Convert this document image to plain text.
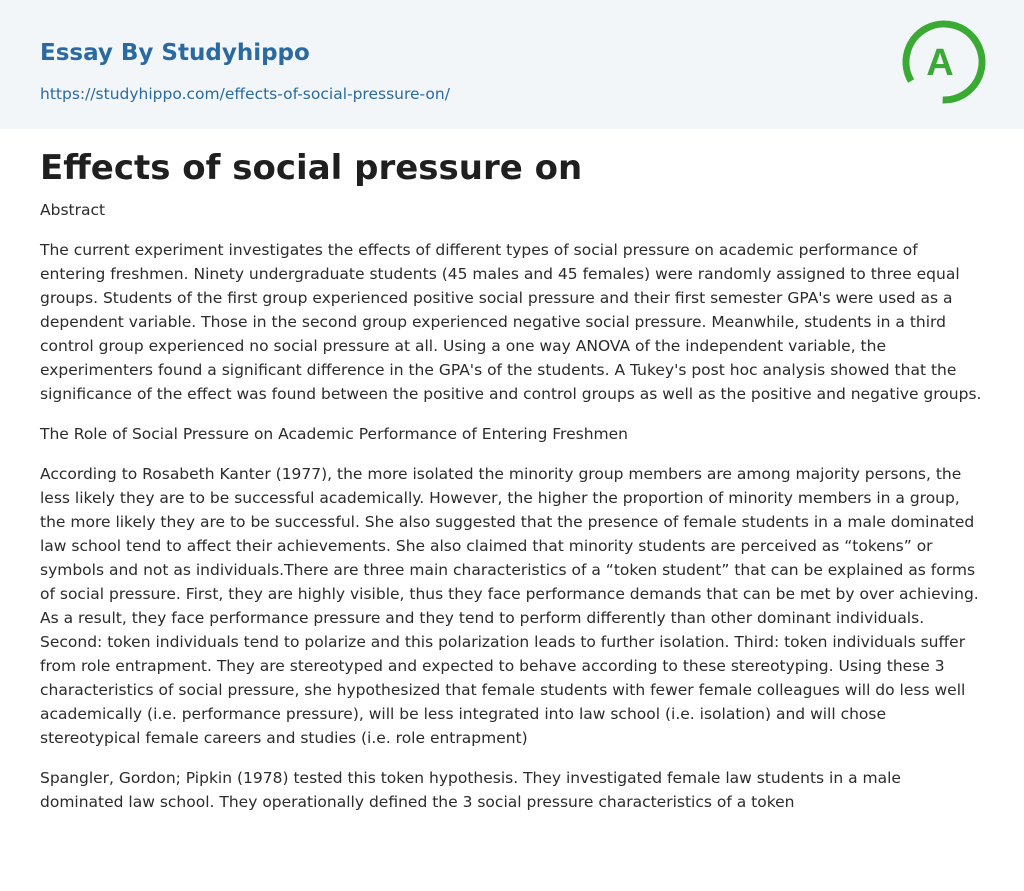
Essay By Studyhippo
https://studyhippo.com/effects-of-social-pressure-on/
A
Effects of social pressure on

Abstract

The current experiment investigates the effects of different types of social pressure on academic performance of entering freshmen. Ninety undergraduate students (45 males and 45 females) were randomly assigned to three equal groups. Students of the first group experienced positive social pressure and their first semester GPA's were used as a dependent variable. Those in the second group experienced negative social pressure. Meanwhile, students in a third control group experienced no social pressure at all. Using a one way ANOVA of the independent variable, the experimenters found a significant difference in the GPA's of the students. A Tukey's post hoc analysis showed that the significance of the effect was found between the positive and control groups as well as the positive and negative groups.

The Role of Social Pressure on Academic Performance of Entering Freshmen

According to Rosabeth Kanter (1977), the more isolated the minority group members are among majority persons, the less likely they are to be successful academically. However, the higher the proportion of minority members in a group, the more likely they are to be successful. She also suggested that the presence of female students in a male dominated law school tend to affect their achievements. She also claimed that minority students are perceived as “tokens” or symbols and not as individuals.There are three main characteristics of a “token student” that can be explained as forms of social pressure. First, they are highly visible, thus they face performance demands that can be met by over achieving. As a result, they face performance pressure and they tend to perform differently than other dominant individuals. Second: token individuals tend to polarize and this polarization leads to further isolation. Third: token individuals suffer from role entrapment. They are stereotyped and expected to behave according to these stereotyping. Using these 3 characteristics of social pressure, she hypothesized that female students with fewer female colleagues will do less well academically (i.e. performance pressure), will be less integrated into law school (i.e. isolation) and will chose stereotypical female careers and studies (i.e. role entrapment)

Spangler, Gordon; Pipkin (1978) tested this token hypothesis. They investigated female law students in a male dominated law school. They operationally defined the 3 social pressure characteristics of a token
